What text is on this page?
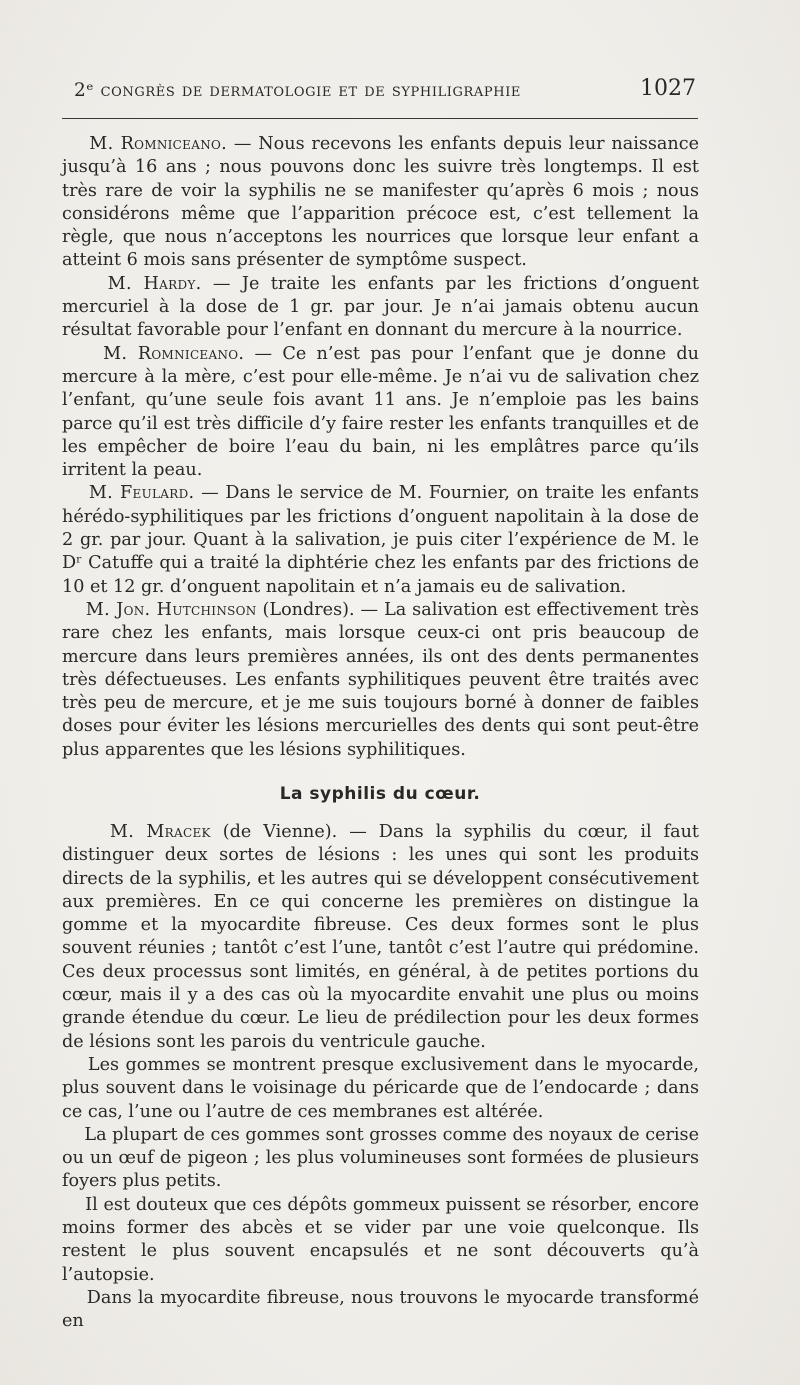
2ᵉ congrès de dermatologie et de syphiligraphie	1027

M. Romniceano. — Nous recevons les enfants depuis leur naissance jusqu’à 16 ans ; nous pouvons donc les suivre très longtemps. Il est très rare de voir la syphilis ne se manifester qu’après 6 mois ; nous considérons même que l’apparition précoce est, c’est tellement la règle, que nous n’acceptons les nourrices que lorsque leur enfant a atteint 6 mois sans présenter de symptôme suspect.

M. Hardy. — Je traite les enfants par les frictions d’onguent mercuriel à la dose de 1 gr. par jour. Je n’ai jamais obtenu aucun résultat favorable pour l’enfant en donnant du mercure à la nourrice.

M. Romniceano. — Ce n’est pas pour l’enfant que je donne du mercure à la mère, c’est pour elle-même. Je n’ai vu de salivation chez l’enfant, qu’une seule fois avant 11 ans. Je n’emploie pas les bains parce qu’il est très difficile d’y faire rester les enfants tranquilles et de les empêcher de boire l’eau du bain, ni les emplâtres parce qu’ils irritent la peau.

M. Feulard. — Dans le service de M. Fournier, on traite les enfants hérédo-syphilitiques par les frictions d’onguent napolitain à la dose de 2 gr. par jour. Quant à la salivation, je puis citer l’expérience de M. le Dʳ Catuffe qui a traité la diphtérie chez les enfants par des frictions de 10 et 12 gr. d’onguent napolitain et n’a jamais eu de salivation.

M. Jon. Hutchinson (Londres). — La salivation est effectivement très rare chez les enfants, mais lorsque ceux-ci ont pris beaucoup de mercure dans leurs premières années, ils ont des dents permanentes très défectueuses. Les enfants syphilitiques peuvent être traités avec très peu de mercure, et je me suis toujours borné à donner de faibles doses pour éviter les lésions mercurielles des dents qui sont peut-être plus apparentes que les lésions syphilitiques.

La syphilis du cœur.

M. Mracek (de Vienne). — Dans la syphilis du cœur, il faut distinguer deux sortes de lésions : les unes qui sont les produits directs de la syphilis, et les autres qui se développent consécutivement aux premières. En ce qui concerne les premières on distingue la gomme et la myocardite fibreuse. Ces deux formes sont le plus souvent réunies ; tantôt c’est l’une, tantôt c’est l’autre qui prédomine. Ces deux processus sont limités, en général, à de petites portions du cœur, mais il y a des cas où la myocardite envahit une plus ou moins grande étendue du cœur. Le lieu de prédilection pour les deux formes de lésions sont les parois du ventricule gauche.

Les gommes se montrent presque exclusivement dans le myocarde, plus souvent dans le voisinage du péricarde que de l’endocarde ; dans ce cas, l’une ou l’autre de ces membranes est altérée.

La plupart de ces gommes sont grosses comme des noyaux de cerise ou un œuf de pigeon ; les plus volumineuses sont formées de plusieurs foyers plus petits.

Il est douteux que ces dépôts gommeux puissent se résorber, encore moins former des abcès et se vider par une voie quelconque. Ils restent le plus souvent encapsulés et ne sont découverts qu’à l’autopsie.

Dans la myocardite fibreuse, nous trouvons le myocarde transformé en
